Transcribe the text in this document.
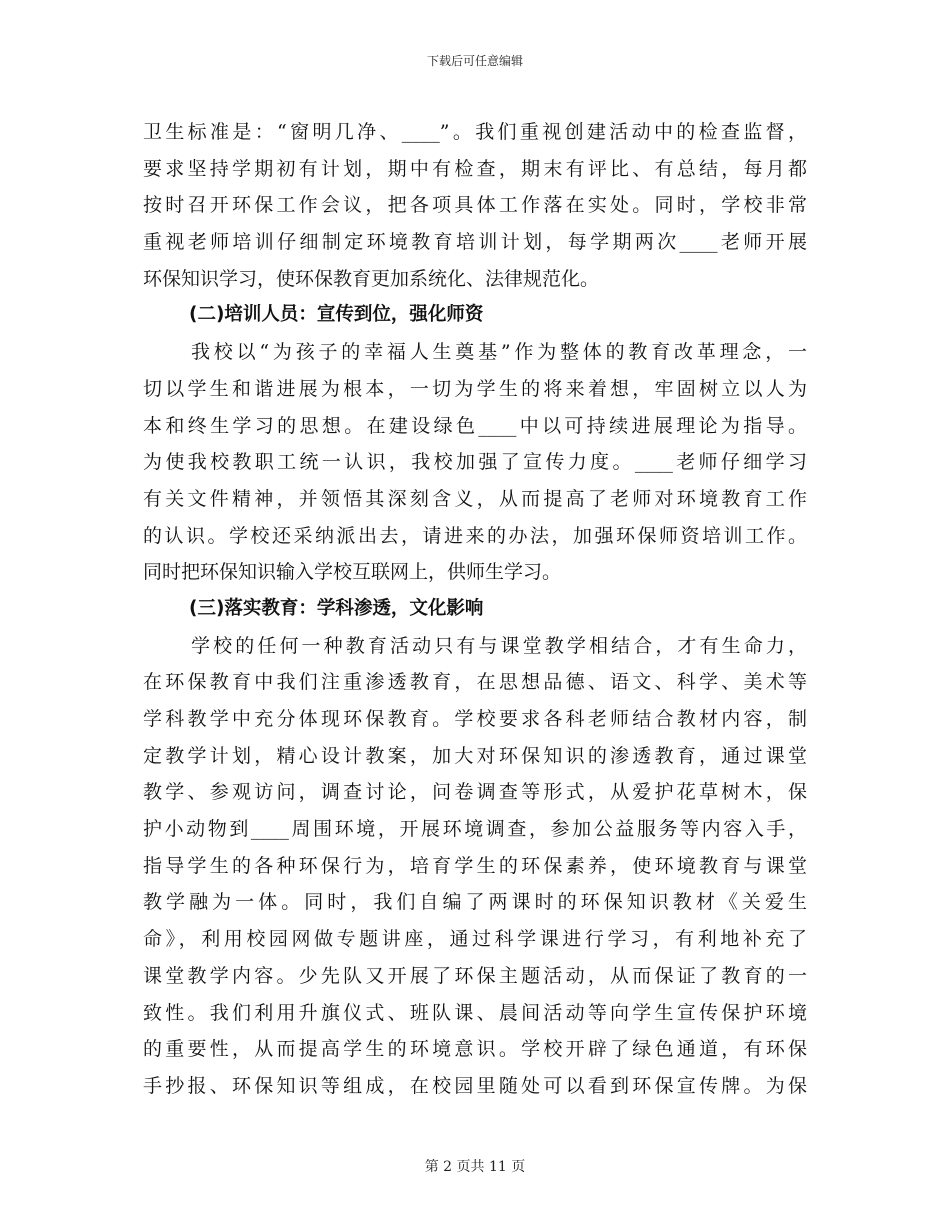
下载后可任意编辑
卫生标准是：“窗明几净、____”。我们重视创建活动中的检查监督，
要求坚持学期初有计划，期中有检查，期末有评比、有总结，每月都
按时召开环保工作会议，把各项具体工作落在实处。同时，学校非常
重视老师培训仔细制定环境教育培训计划，每学期两次____老师开展
环保知识学习，使环保教育更加系统化、法律规范化。
(二)培训人员：宣传到位，强化师资
我校以“为孩子的幸福人生奠基”作为整体的教育改革理念，一
切以学生和谐进展为根本，一切为学生的将来着想，牢固树立以人为
本和终生学习的思想。在建设绿色____中以可持续进展理论为指导。
为使我校教职工统一认识，我校加强了宣传力度。____老师仔细学习
有关文件精神，并领悟其深刻含义，从而提高了老师对环境教育工作
的认识。学校还采纳派出去，请进来的办法，加强环保师资培训工作。
同时把环保知识输入学校互联网上，供师生学习。
(三)落实教育：学科渗透，文化影响
学校的任何一种教育活动只有与课堂教学相结合，才有生命力，
在环保教育中我们注重渗透教育，在思想品德、语文、科学、美术等
学科教学中充分体现环保教育。学校要求各科老师结合教材内容，制
定教学计划，精心设计教案，加大对环保知识的渗透教育，通过课堂
教学、参观访问，调查讨论，问卷调查等形式，从爱护花草树木，保
护小动物到____周围环境，开展环境调查，参加公益服务等内容入手，
指导学生的各种环保行为，培育学生的环保素养，使环境教育与课堂
教学融为一体。同时，我们自编了两课时的环保知识教材《关爱生
命》，利用校园网做专题讲座，通过科学课进行学习，有利地补充了
课堂教学内容。少先队又开展了环保主题活动，从而保证了教育的一
致性。我们利用升旗仪式、班队课、晨间活动等向学生宣传保护环境
的重要性，从而提高学生的环境意识。学校开辟了绿色通道，有环保
手抄报、环保知识等组成，在校园里随处可以看到环保宣传牌。为保
第 2 页共 11 页
